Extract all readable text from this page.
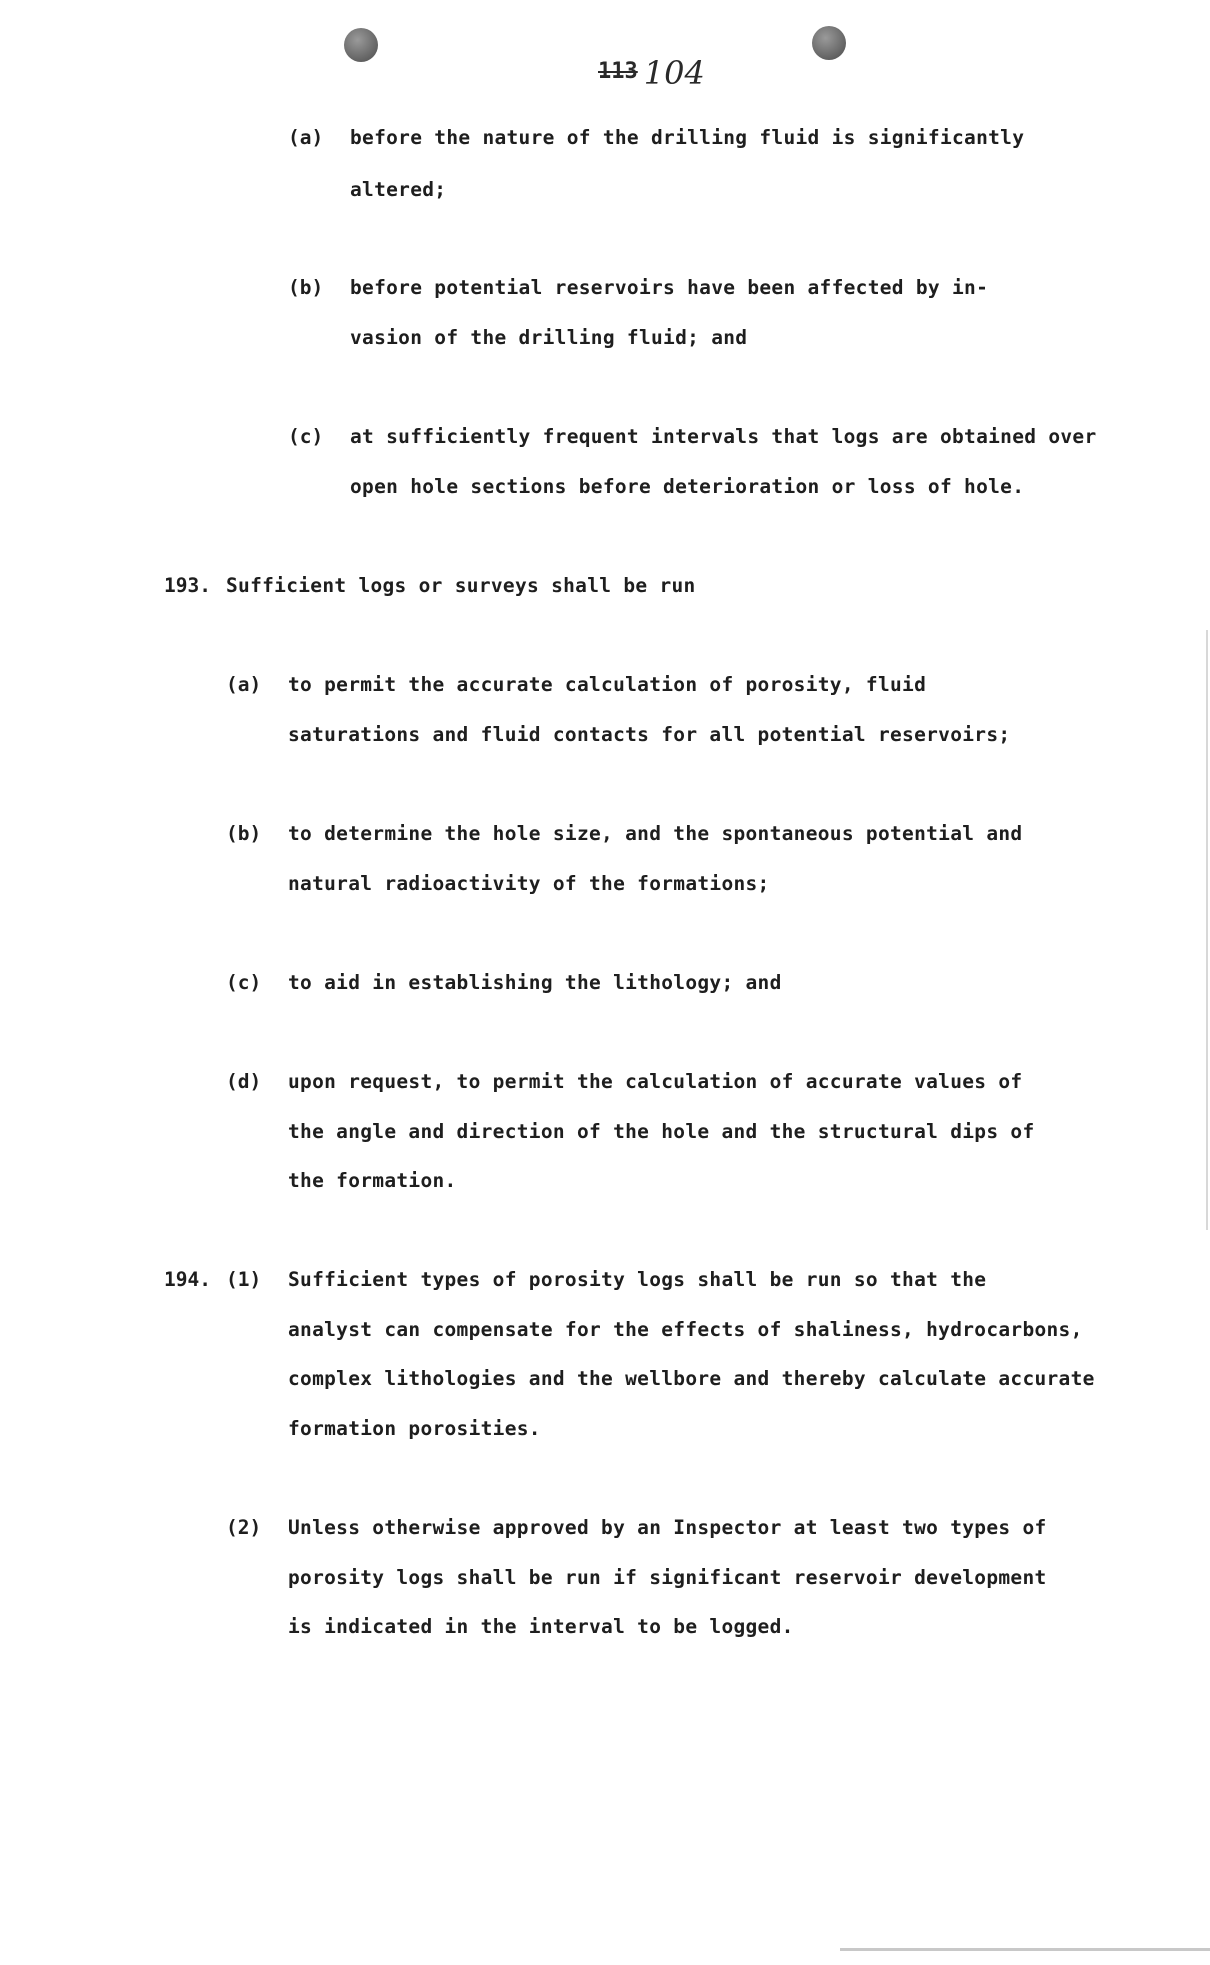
113 104
(a) before the nature of the drilling fluid is significantly
altered;
(b) before potential reservoirs have been affected by in-
vasion of the drilling fluid; and
(c) at sufficiently frequent intervals that logs are obtained over
open hole sections before deterioration or loss of hole.
193. Sufficient logs or surveys shall be run
(a) to permit the accurate calculation of porosity, fluid
saturations and fluid contacts for all potential reservoirs;
(b) to determine the hole size, and the spontaneous potential and
natural radioactivity of the formations;
(c) to aid in establishing the lithology; and
(d) upon request, to permit the calculation of accurate values of
the angle and direction of the hole and the structural dips of
the formation.
194. (1) Sufficient types of porosity logs shall be run so that the
analyst can compensate for the effects of shaliness, hydrocarbons,
complex lithologies and the wellbore and thereby calculate accurate
formation porosities.
(2) Unless otherwise approved by an Inspector at least two types of
porosity logs shall be run if significant reservoir development
is indicated in the interval to be logged.
